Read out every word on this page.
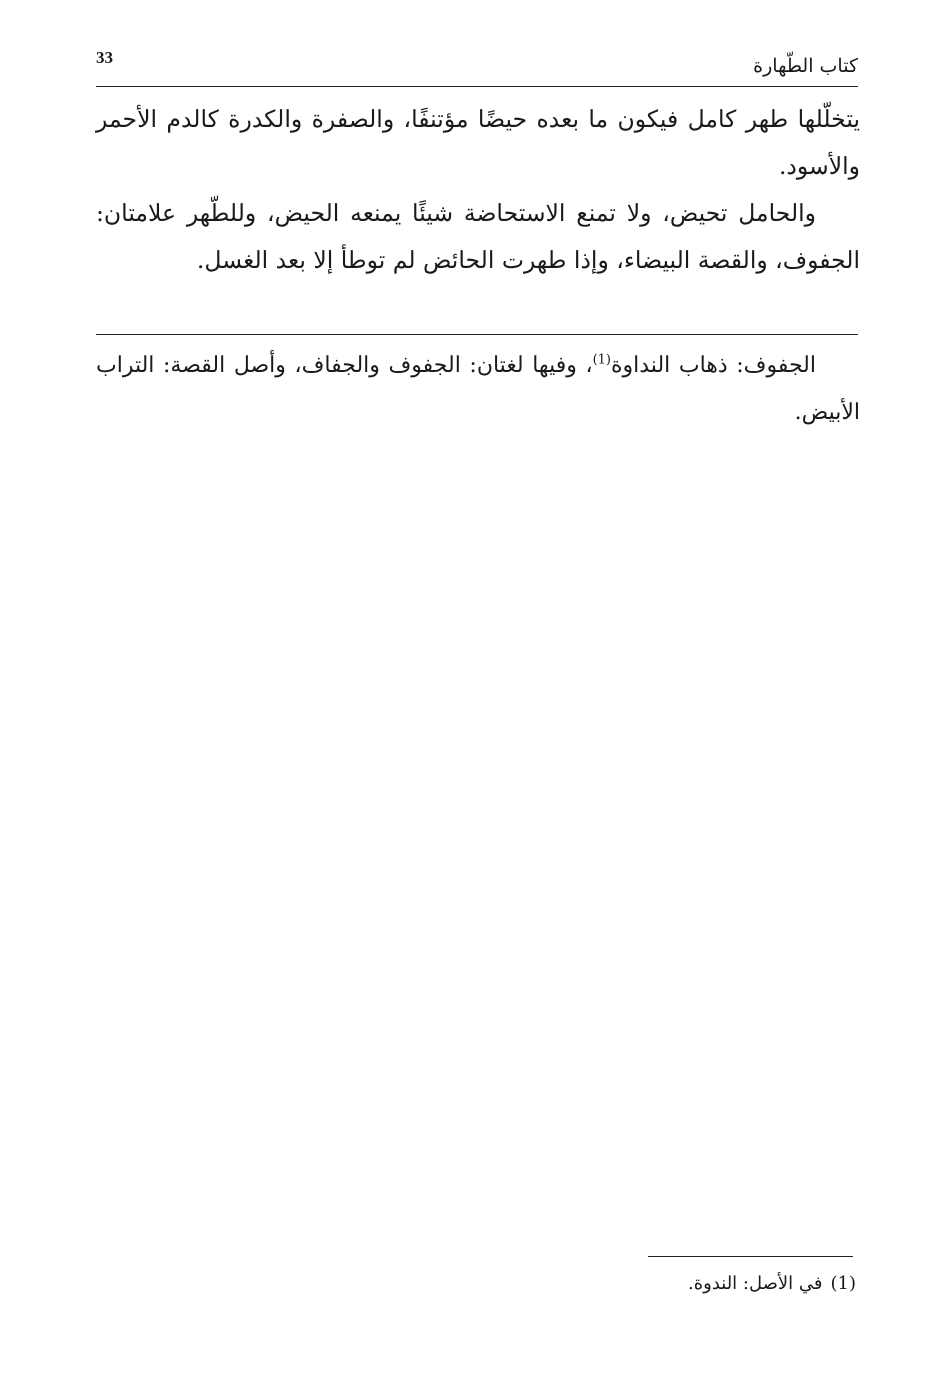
33	كتاب الطّهارة

يتخلّلها طهر كامل فيكون ما بعده حيضًا مؤتنفًا، والصفرة والكدرة كالدم الأحمر والأسود.

والحامل تحيض، ولا تمنع الاستحاضة شيئًا يمنعه الحيض، وللطّهر علامتان: الجفوف، والقصة البيضاء، وإذا طهرت الحائض لم توطأ إلا بعد الغسل.

الجفوف: ذهاب النداوة$^{(1)}$، وفيها لغتان: الجفوف والجفاف، وأصل القصة: التراب الأبيض.

(1)في الأصل: الندوة.
